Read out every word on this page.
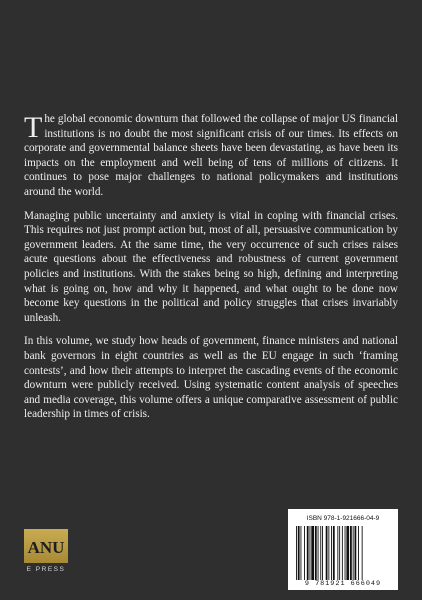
The global economic downturn that followed the collapse of major US financial institutions is no doubt the most significant crisis of our times. Its effects on corporate and governmental balance sheets have been devastating, as have been its impacts on the employment and well being of tens of millions of citizens. It continues to pose major challenges to national policymakers and institutions around the world.

Managing public uncertainty and anxiety is vital in coping with financial crises. This requires not just prompt action but, most of all, persuasive communication by government leaders. At the same time, the very occurrence of such crises raises acute questions about the effectiveness and robustness of current government policies and institutions. With the stakes being so high, defining and interpreting what is going on, how and why it happened, and what ought to be done now become key questions in the political and policy struggles that crises invariably unleash.

In this volume, we study how heads of government, finance ministers and national bank governors in eight countries as well as the EU engage in such ‘framing contests’, and how their attempts to interpret the cascading events of the economic downturn were publicly received. Using systematic content analysis of speeches and media coverage, this volume offers a unique comparative assessment of public leadership in times of crisis.

ANU
E PRESS
ISBN 978-1-921666-04-9
9 781921 666049
